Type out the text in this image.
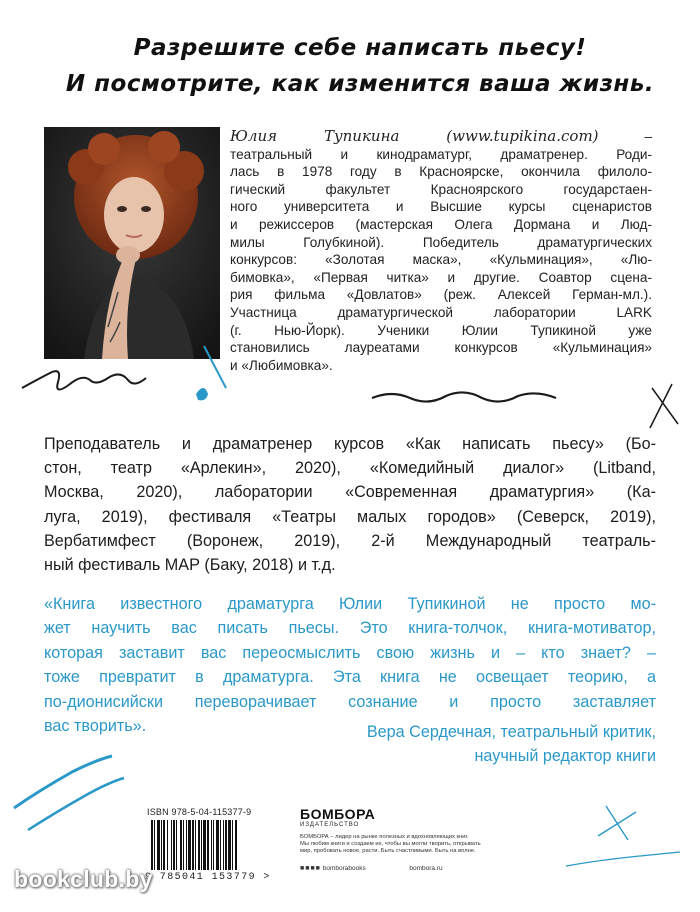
Разрешите себе написать пьесу!
И посмотрите, как изменится ваша жизнь.
Юлия Тупикина (www.tupikina.com) –
театральный и кинодраматург, драматренер. Роди-
лась в 1978 году в Красноярске, окончила филоло-
гический факультет Красноярского государстаен-
ного университета и Высшие курсы сценаристов
и режиссеров (мастерская Олега Дормана и Люд-
милы Голубкиной). Победитель драматургических
конкурсов: «Золотая маска», «Кульминация», «Лю-
бимовка», «Первая читка» и другие. Соавтор сцена-
рия фильма «Довлатов» (реж. Алексей Герман-мл.).
Участница драматургической лаборатории LARK
(г. Нью-Йорк). Ученики Юлии Тупикиной уже
становились лауреатами конкурсов «Кульминация»
и «Любимовка».
Преподаватель и драматренер курсов «Как написать пьесу» (Бо-
стон, театр «Арлекин», 2020), «Комедийный диалог» (Litband,
Москва, 2020), лаборатории «Современная драматургия» (Ка-
луга, 2019), фестиваля «Театры малых городов» (Северск, 2019),
Вербатимфест (Воронеж, 2019), 2-й Международный театраль-
ный фестиваль МАР (Баку, 2018) и т.д.
«Книга известного драматурга Юлии Тупикиной не просто мо-
жет научить вас писать пьесы. Это книга-толчок, книга-мотиватор,
которая заставит вас переосмыслить свою жизнь и – кто знает? –
тоже превратит в драматурга. Эта книга не освещает теорию, а
по-дионисийски переворачивает сознание и просто заставляет
вас творить».	Вера Сердечная, театральный критик,
научный редактор книги
ISBN 978-5-04-115377-9
9 785041 153779 >
БОМБОРА
ИЗДАТЕЛЬСТВО
БОМБОРА – лидер на рынке полезных и вдохновляющих книг.
Мы любим книги и создаем их, чтобы вы могли творить, открывать
мир, пробовать новое, расти. Быть счастливыми. Быть на волне.
■■■■ bomborabooks	bombora.ru
bookclub.by
